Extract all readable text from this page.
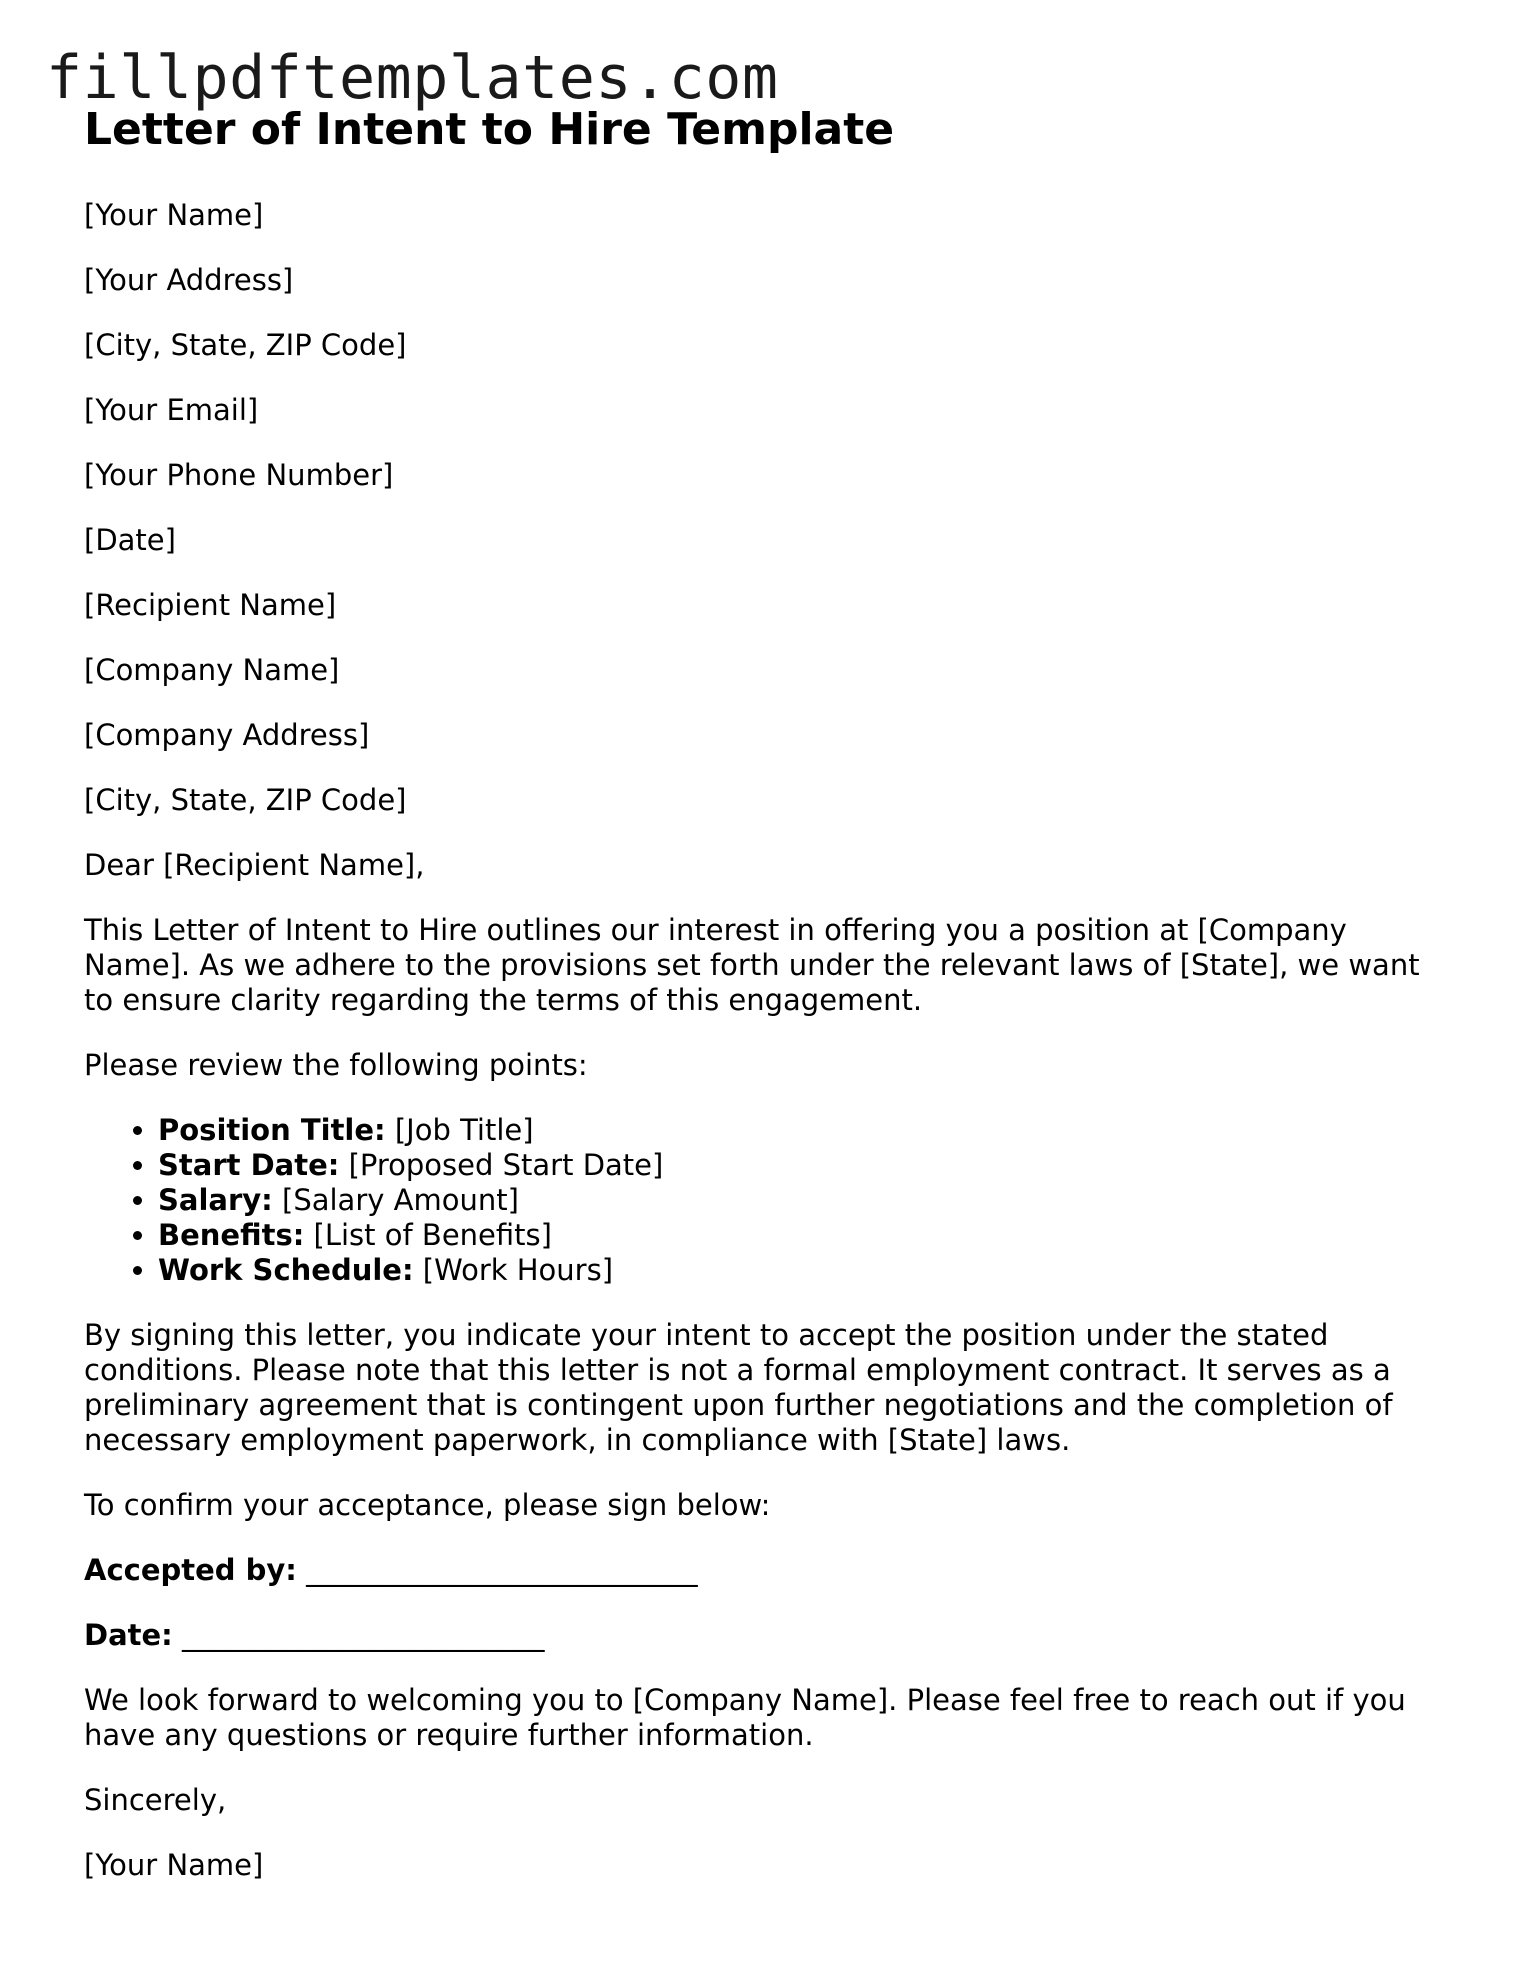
fillpdftemplates.com
Letter of Intent to Hire Template

[Your Name]

[Your Address]

[City, State, ZIP Code]

[Your Email]

[Your Phone Number]

[Date]

[Recipient Name]

[Company Name]

[Company Address]

[City, State, ZIP Code]

Dear [Recipient Name],

This Letter of Intent to Hire outlines our interest in offering you a position at [Company Name]. As we adhere to the provisions set forth under the relevant laws of [State], we want to ensure clarity regarding the terms of this engagement.

Please review the following points:

• Position Title: [Job Title]
• Start Date: [Proposed Start Date]
• Salary: [Salary Amount]
• Benefits: [List of Benefits]
• Work Schedule: [Work Hours]

By signing this letter, you indicate your intent to accept the position under the stated conditions. Please note that this letter is not a formal employment contract. It serves as a preliminary agreement that is contingent upon further negotiations and the completion of necessary employment paperwork, in compliance with [State] laws.

To confirm your acceptance, please sign below:

Accepted by: ___________________________

Date: _________________________

We look forward to welcoming you to [Company Name]. Please feel free to reach out if you have any questions or require further information.

Sincerely,

[Your Name]
